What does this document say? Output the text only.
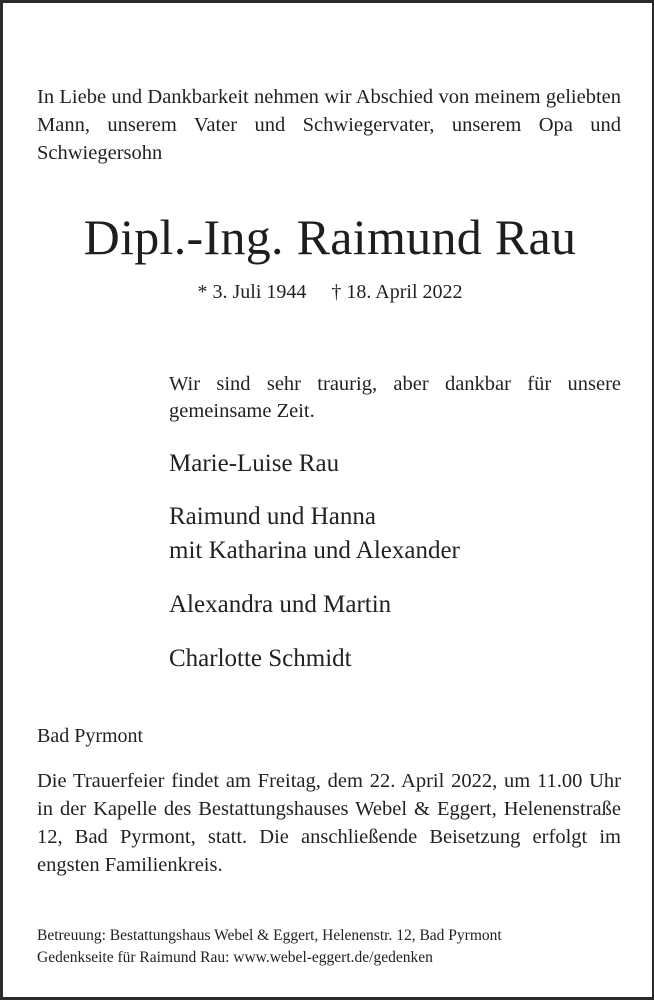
In Liebe und Dankbarkeit nehmen wir Abschied von meinem geliebten Mann, unserem Vater und Schwiegervater, unserem Opa und Schwiegersohn
Dipl.-Ing. Raimund Rau
* 3. Juli 1944 † 18. April 2022
Wir sind sehr traurig, aber dankbar für unsere gemeinsame Zeit.
Marie-Luise Rau
Raimund und Hanna
mit Katharina und Alexander
Alexandra und Martin
Charlotte Schmidt
Bad Pyrmont
Die Trauerfeier findet am Freitag, dem 22. April 2022, um 11.00 Uhr in der Kapelle des Bestattungshauses Webel & Eggert, Helenenstraße 12, Bad Pyrmont, statt. Die anschließende Beisetzung erfolgt im engsten Familienkreis.
Betreuung: Bestattungshaus Webel & Eggert, Helenenstr. 12, Bad Pyrmont
Gedenkseite für Raimund Rau: www.webel-eggert.de/gedenken
